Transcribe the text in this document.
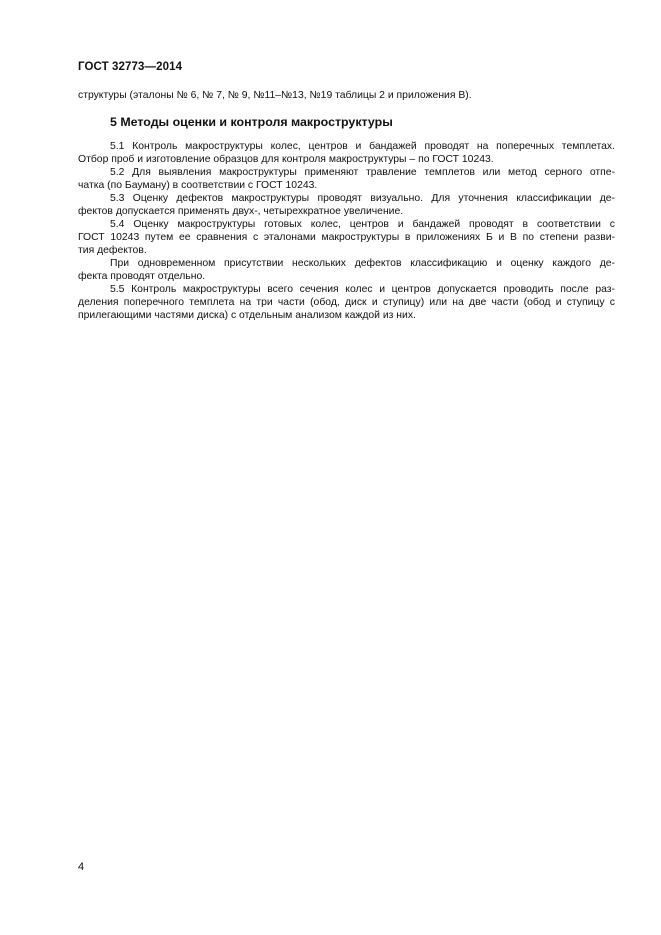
ГОСТ 32773—2014
структуры (эталоны № 6, № 7, № 9, №11–№13, №19 таблицы 2 и приложения В).
5 Методы оценки и контроля макроструктуры
5.1 Контроль макроструктуры колес, центров и бандажей проводят на поперечных темплетах.
Отбор проб и изготовление образцов для контроля макроструктуры – по ГОСТ 10243.
5.2 Для выявления макроструктуры применяют травление темплетов или метод серного отпе-
чатка (по Бауману) в соответствии с ГОСТ 10243.
5.3 Оценку дефектов макроструктуры проводят визуально. Для уточнения классификации де-
фектов допускается применять двух-, четырехкратное увеличение.
5.4 Оценку макроструктуры готовых колес, центров и бандажей проводят в соответствии с
ГОСТ 10243 путем ее сравнения с эталонами макроструктуры в приложениях Б и В по степени разви-
тия дефектов.
При одновременном присутствии нескольких дефектов классификацию и оценку каждого де-
фекта проводят отдельно.
5.5 Контроль макроструктуры всего сечения колес и центров допускается проводить после раз-
деления поперечного темплета на три части (обод, диск и ступицу) или на две части (обод и ступицу с
прилегающими частями диска) с отдельным анализом каждой из них.
4
